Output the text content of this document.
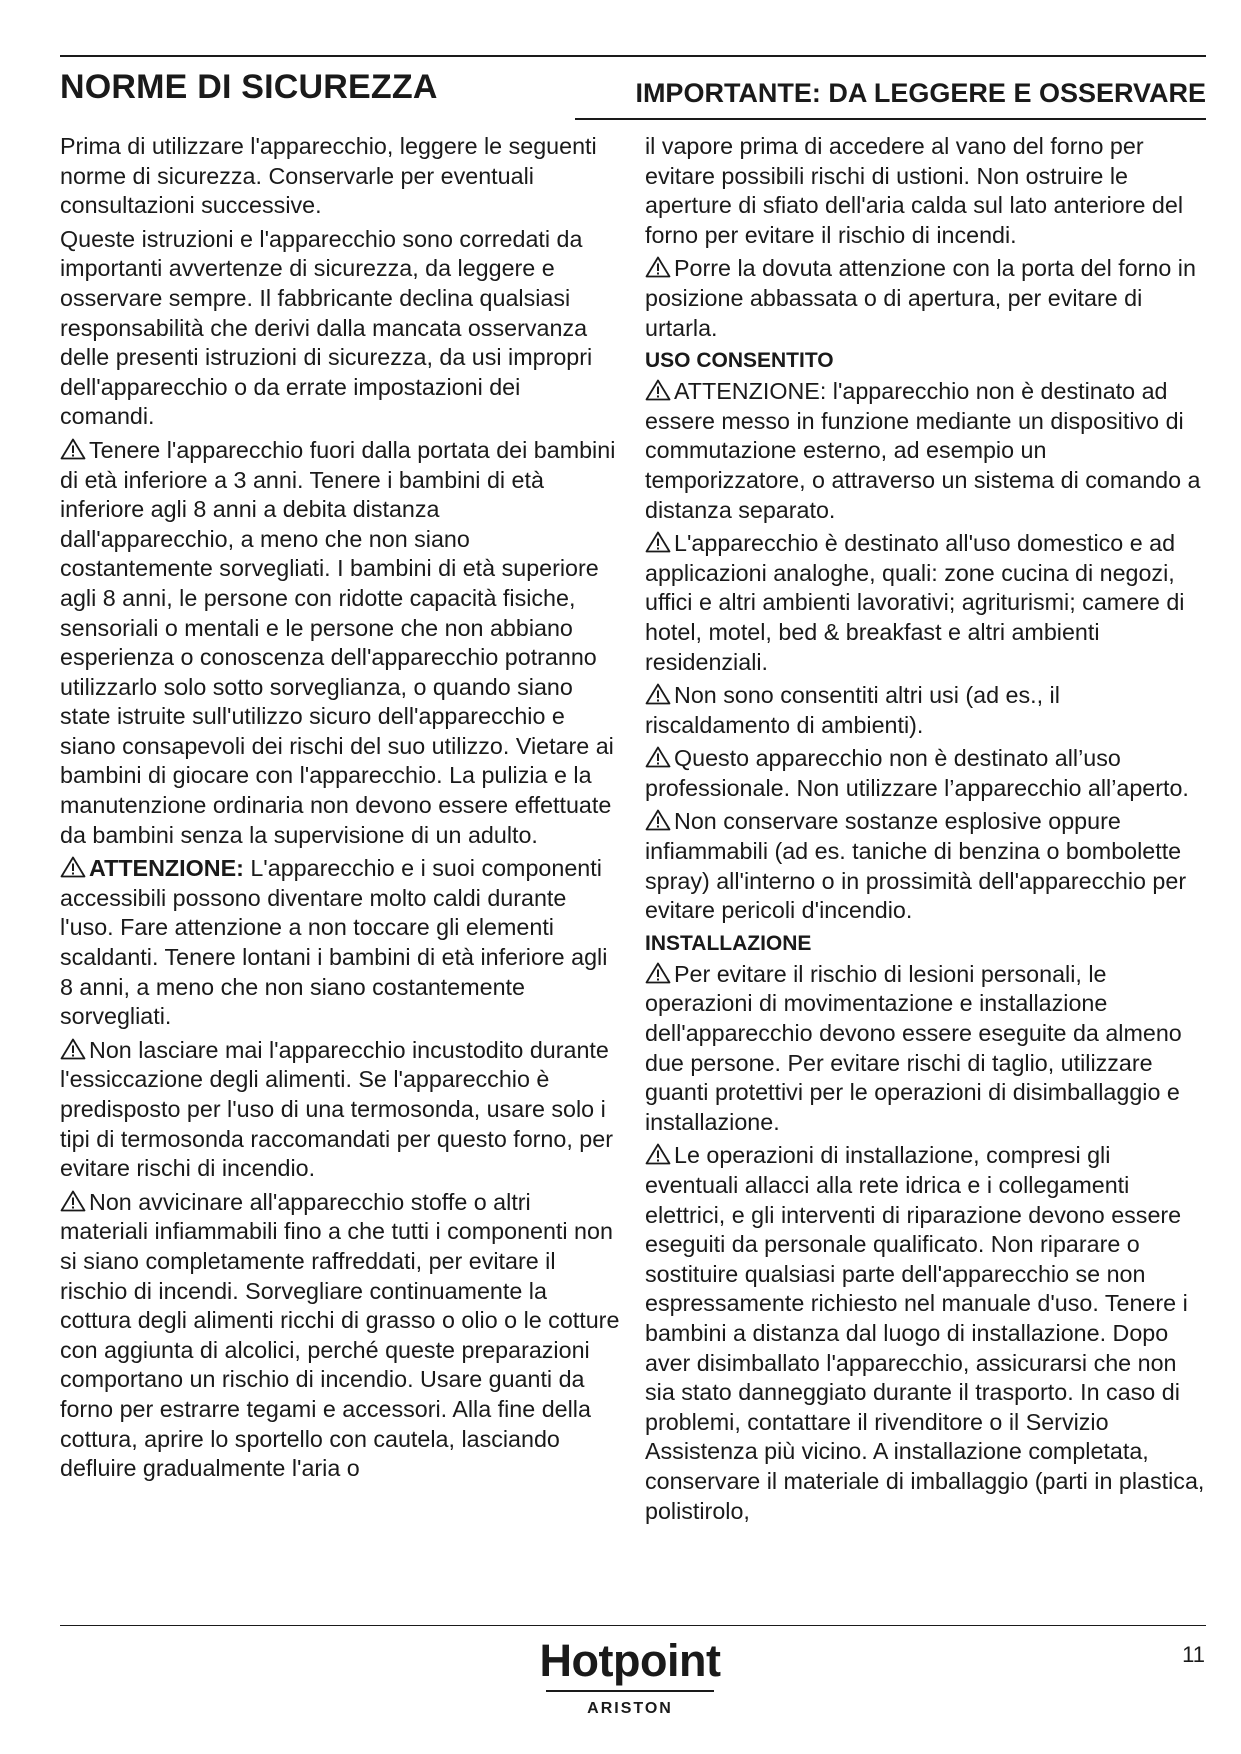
NORME DI SICUREZZA	IMPORTANTE: DA LEGGERE E OSSERVARE

Prima di utilizzare l'apparecchio, leggere le seguenti norme di sicurezza. Conservarle per eventuali consultazioni successive.

Queste istruzioni e l'apparecchio sono corredati da importanti avvertenze di sicurezza, da leggere e osservare sempre. Il fabbricante declina qualsiasi responsabilità che derivi dalla mancata osservanza delle presenti istruzioni di sicurezza, da usi impropri dell'apparecchio o da errate impostazioni dei comandi.

Tenere l'apparecchio fuori dalla portata dei bambini di età inferiore a 3 anni. Tenere i bambini di età inferiore agli 8 anni a debita distanza dall'apparecchio, a meno che non siano costantemente sorvegliati. I bambini di età superiore agli 8 anni, le persone con ridotte capacità fisiche, sensoriali o mentali e le persone che non abbiano esperienza o conoscenza dell'apparecchio potranno utilizzarlo solo sotto sorveglianza, o quando siano state istruite sull'utilizzo sicuro dell'apparecchio e siano consapevoli dei rischi del suo utilizzo. Vietare ai bambini di giocare con l'apparecchio. La pulizia e la manutenzione ordinaria non devono essere effettuate da bambini senza la supervisione di un adulto.

ATTENZIONE: L'apparecchio e i suoi componenti accessibili possono diventare molto caldi durante l'uso. Fare attenzione a non toccare gli elementi scaldanti. Tenere lontani i bambini di età inferiore agli 8 anni, a meno che non siano costantemente sorvegliati.

Non lasciare mai l'apparecchio incustodito durante l'essiccazione degli alimenti. Se l'apparecchio è predisposto per l'uso di una termosonda, usare solo i tipi di termosonda raccomandati per questo forno, per evitare rischi di incendio.

Non avvicinare all'apparecchio stoffe o altri materiali infiammabili fino a che tutti i componenti non si siano completamente raffreddati, per evitare il rischio di incendi. Sorvegliare continuamente la cottura degli alimenti ricchi di grasso o olio o le cotture con aggiunta di alcolici, perché queste preparazioni comportano un rischio di incendio. Usare guanti da forno per estrarre tegami e accessori. Alla fine della cottura, aprire lo sportello con cautela, lasciando defluire gradualmente l'aria o

il vapore prima di accedere al vano del forno per evitare possibili rischi di ustioni. Non ostruire le aperture di sfiato dell'aria calda sul lato anteriore del forno per evitare il rischio di incendi.

Porre la dovuta attenzione con la porta del forno in posizione abbassata o di apertura, per evitare di urtarla.

USO CONSENTITO

ATTENZIONE: l'apparecchio non è destinato ad essere messo in funzione mediante un dispositivo di commutazione esterno, ad esempio un temporizzatore, o attraverso un sistema di comando a distanza separato.

L'apparecchio è destinato all'uso domestico e ad applicazioni analoghe, quali: zone cucina di negozi, uffici e altri ambienti lavorativi; agriturismi; camere di hotel, motel, bed & breakfast e altri ambienti residenziali.

Non sono consentiti altri usi (ad es., il riscaldamento di ambienti).

Questo apparecchio non è destinato all’uso professionale. Non utilizzare l’apparecchio all’aperto.

Non conservare sostanze esplosive oppure infiammabili (ad es. taniche di benzina o bombolette spray) all'interno o in prossimità dell'apparecchio per evitare pericoli d'incendio.

INSTALLAZIONE

Per evitare il rischio di lesioni personali, le operazioni di movimentazione e installazione dell'apparecchio devono essere eseguite da almeno due persone. Per evitare rischi di taglio, utilizzare guanti protettivi per le operazioni di disimballaggio e installazione.

Le operazioni di installazione, compresi gli eventuali allacci alla rete idrica e i collegamenti elettrici, e gli interventi di riparazione devono essere eseguiti da personale qualificato. Non riparare o sostituire qualsiasi parte dell'apparecchio se non espressamente richiesto nel manuale d'uso. Tenere i bambini a distanza dal luogo di installazione. Dopo aver disimballato l'apparecchio, assicurarsi che non sia stato danneggiato durante il trasporto. In caso di problemi, contattare il rivenditore o il Servizio Assistenza più vicino. A installazione completata, conservare il materiale di imballaggio (parti in plastica, polistirolo,

Hotpoint
ARISTON
11
